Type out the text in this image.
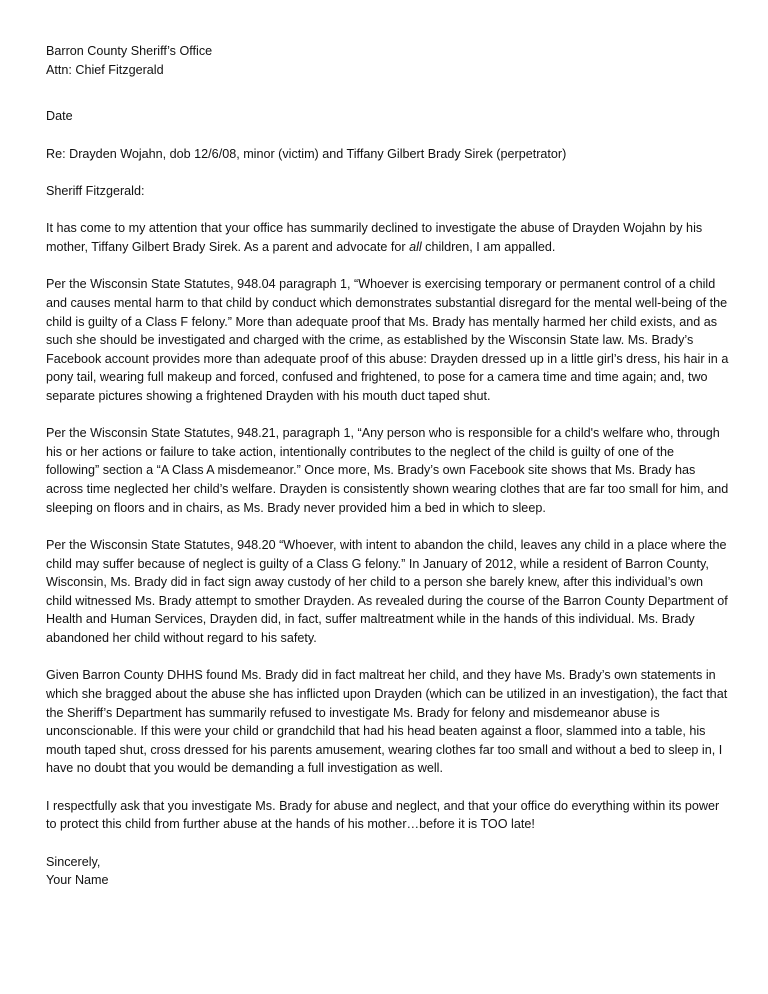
Barron County Sheriff’s Office
Attn: Chief Fitzgerald
Date
Re: Drayden Wojahn, dob 12/6/08, minor (victim) and Tiffany Gilbert Brady Sirek (perpetrator)
Sheriff Fitzgerald:

It has come to my attention that your office has summarily declined to investigate the abuse of Drayden Wojahn by his mother, Tiffany Gilbert Brady Sirek. As a parent and advocate for all children, I am appalled.

Per the Wisconsin State Statutes, 948.04 paragraph 1, “Whoever is exercising temporary or permanent control of a child and causes mental harm to that child by conduct which demonstrates substantial disregard for the mental well-being of the child is guilty of a Class F felony.” More than adequate proof that Ms. Brady has mentally harmed her child exists, and as such she should be investigated and charged with the crime, as established by the Wisconsin State law. Ms. Brady’s Facebook account provides more than adequate proof of this abuse: Drayden dressed up in a little girl’s dress, his hair in a pony tail, wearing full makeup and forced, confused and frightened, to pose for a camera time and time again; and, two separate pictures showing a frightened Drayden with his mouth duct taped shut.

Per the Wisconsin State Statutes, 948.21, paragraph 1, “Any person who is responsible for a child's welfare who, through his or her actions or failure to take action, intentionally contributes to the neglect of the child is guilty of one of the following” section a “A Class A misdemeanor.” Once more, Ms. Brady’s own Facebook site shows that Ms. Brady has across time neglected her child’s welfare. Drayden is consistently shown wearing clothes that are far too small for him, and sleeping on floors and in chairs, as Ms. Brady never provided him a bed in which to sleep.

Per the Wisconsin State Statutes, 948.20 “Whoever, with intent to abandon the child, leaves any child in a place where the child may suffer because of neglect is guilty of a Class G felony.” In January of 2012, while a resident of Barron County, Wisconsin, Ms. Brady did in fact sign away custody of her child to a person she barely knew, after this individual’s own child witnessed Ms. Brady attempt to smother Drayden. As revealed during the course of the Barron County Department of Health and Human Services, Drayden did, in fact, suffer maltreatment while in the hands of this individual. Ms. Brady abandoned her child without regard to his safety.

Given Barron County DHHS found Ms. Brady did in fact maltreat her child, and they have Ms. Brady’s own statements in which she bragged about the abuse she has inflicted upon Drayden (which can be utilized in an investigation), the fact that the Sheriff’s Department has summarily refused to investigate Ms. Brady for felony and misdemeanor abuse is unconscionable. If this were your child or grandchild that had his head beaten against a floor, slammed into a table, his mouth taped shut, cross dressed for his parents amusement, wearing clothes far too small and without a bed to sleep in, I have no doubt that you would be demanding a full investigation as well.

I respectfully ask that you investigate Ms. Brady for abuse and neglect, and that your office do everything within its power to protect this child from further abuse at the hands of his mother…before it is TOO late!

Sincerely,
Your Name
